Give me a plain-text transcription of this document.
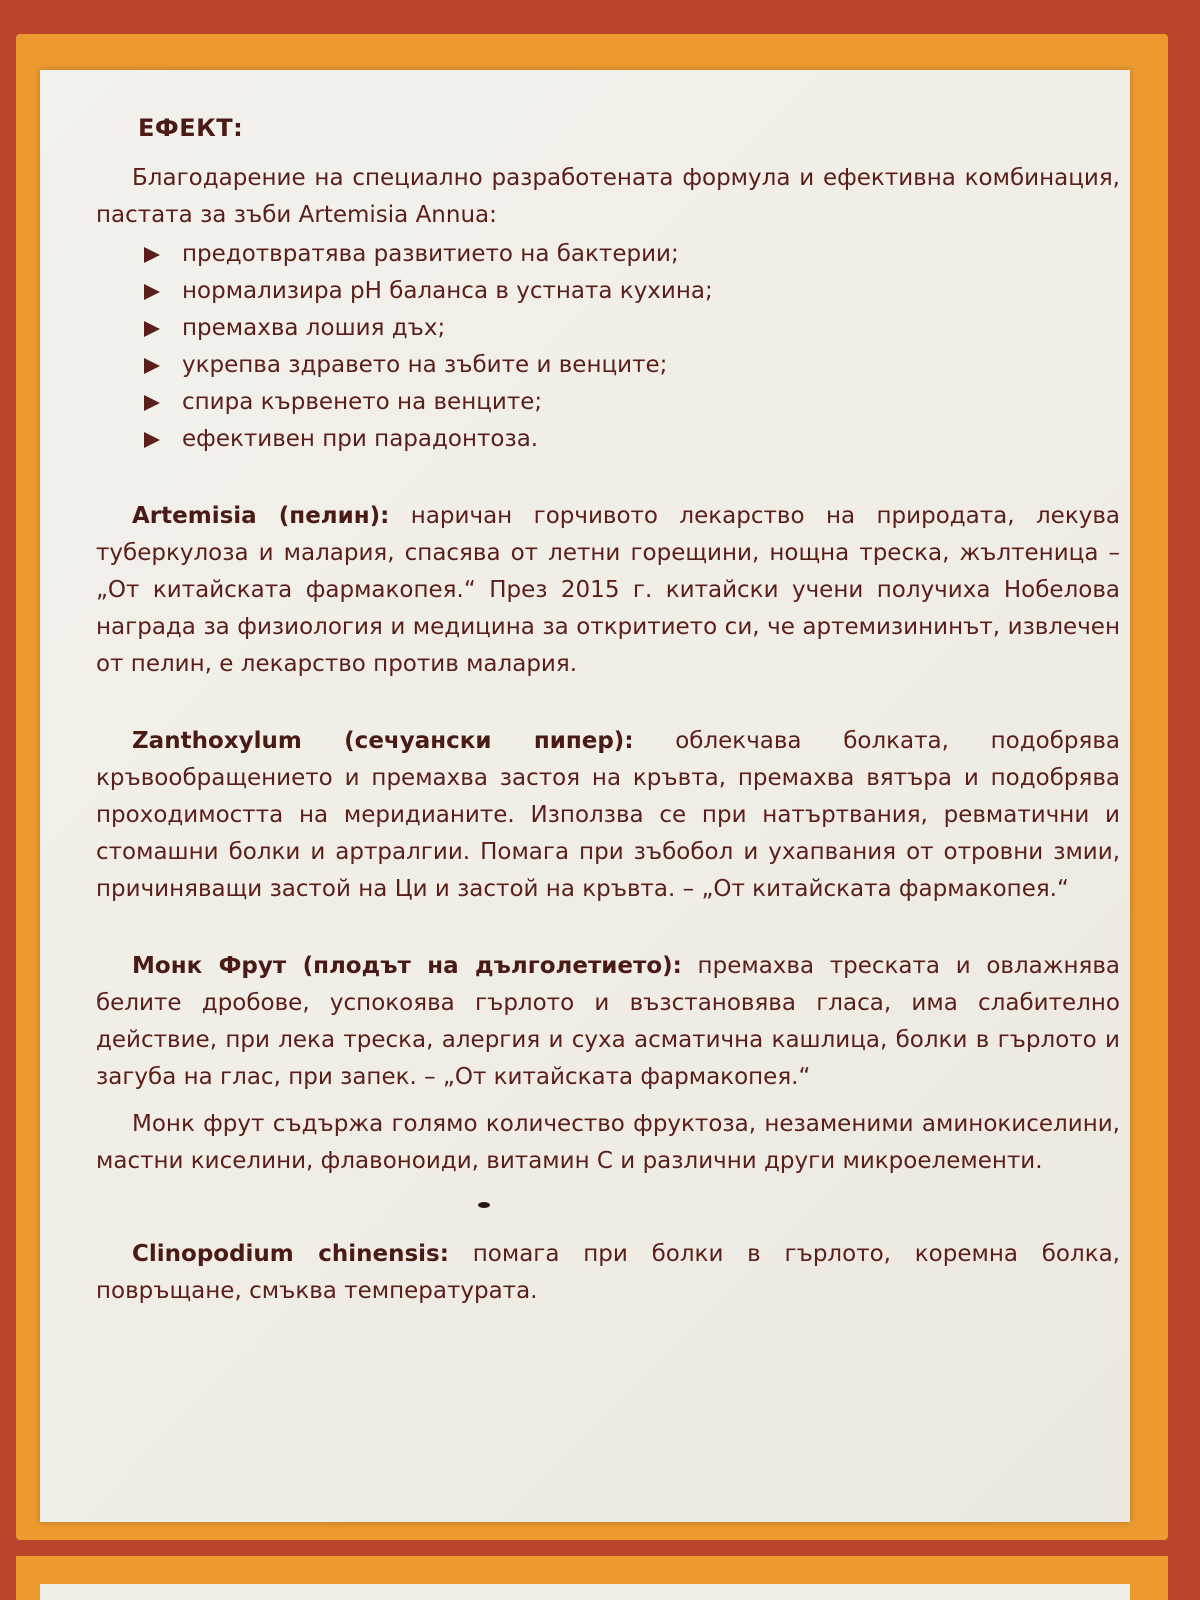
ЕФЕКТ:

Благодарение на специално разработената формула и ефективна комбинация, пастата за зъби Artemisia Annua:

предотвратява развитието на бактерии;
нормализира pH баланса в устната кухина;
премахва лошия дъх;
укрепва здравето на зъбите и венците;
спира кървенето на венците;
ефективен при парадонтоза.

Artemisia (пелин): наричан горчивото лекарство на природата, лекува туберкулоза и малария, спасява от летни горещини, нощна треска, жълтеница – „От китайската фармакопея.“ През 2015 г. китайски учени получиха Нобелова награда за физиология и медицина за откритието си, че артемизининът, извлечен от пелин, е лекарство против малария.

Zanthoxylum (сечуански пипер): облекчава болката, подобрява кръвообращението и премахва застоя на кръвта, премахва вятъра и подобрява проходимостта на меридианите. Използва се при натъртвания, ревматични и стомашни болки и артралгии. Помага при зъбобол и ухапвания от отровни змии, причиняващи застой на Ци и застой на кръвта. – „От китайската фармакопея.“

Монк Фрут (плодът на дълголетието): премахва треската и овлажнява белите дробове, успокоява гърлото и възстановява гласа, има слабително действие, при лека треска, алергия и суха асматична кашлица, болки в гърлото и загуба на глас, при запек. – „От китайската фармакопея.“

Монк фрут съдържа голямо количество фруктоза, незаменими аминокиселини, мастни киселини, флавоноиди, витамин С и различни други микроелементи.

Clinopodium chinensis: помага при болки в гърлото, коремна болка, повръщане, смъква температурата.
